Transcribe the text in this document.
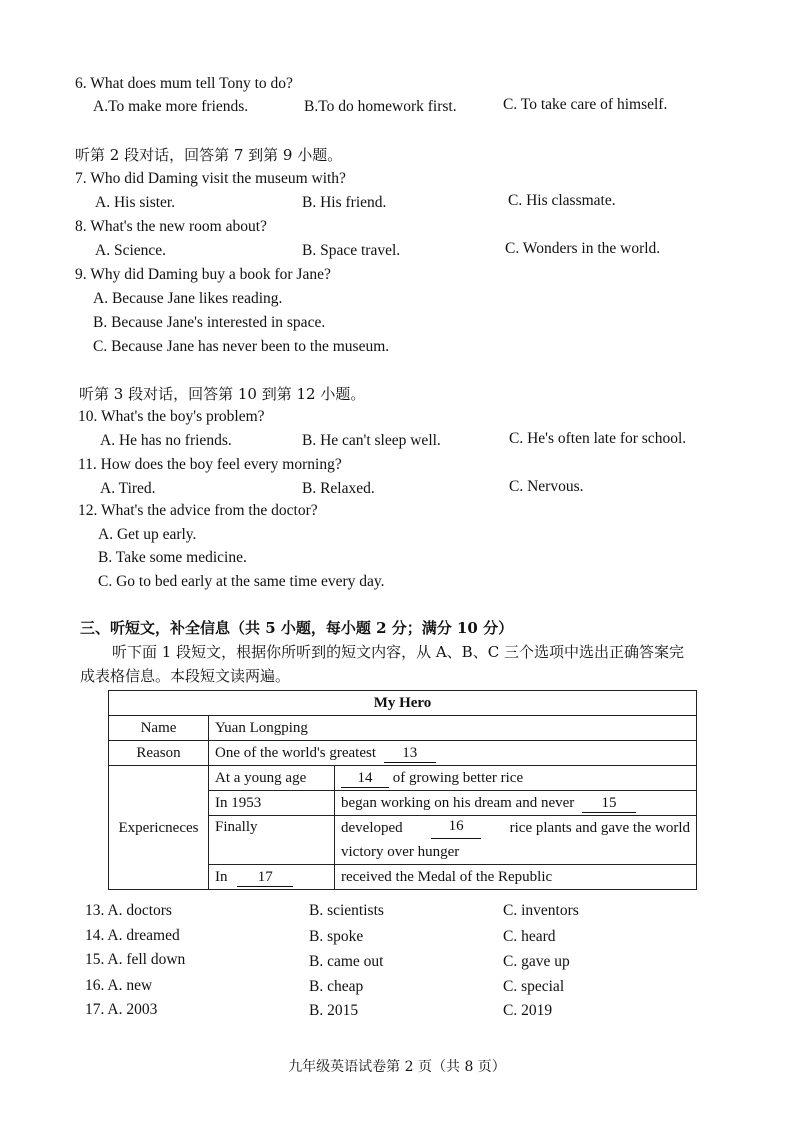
6. What does mum tell Tony to do?
A.To make more friends.	B.To do homework first.	C. To take care of himself.
听第 2 段对话，回答第 7 到第 9 小题。
7. Who did Daming visit the museum with?
A. His sister.	B. His friend.	C. His classmate.
8. What's the new room about?
A. Science.	B. Space travel.	C. Wonders in the world.
9. Why did Daming buy a book for Jane?
A. Because Jane likes reading.
B. Because Jane's interested in space.
C. Because Jane has never been to the museum.
听第 3 段对话，回答第 10 到第 12 小题。
10. What's the boy's problem?
A. He has no friends.	B. He can't sleep well.	C. He's often late for school.
11. How does the boy feel every morning?
A. Tired.	B. Relaxed.	C. Nervous.
12. What's the advice from the doctor?
A. Get up early.
B. Take some medicine.
C. Go to bed early at the same time every day.
三、听短文，补全信息（共 5 小题，每小题 2 分；满分 10 分）
听下面 1 段短文，根据你所听到的短文内容，从 A、B、C 三个选项中选出正确答案完
成表格信息。本段短文读两遍。
My Hero		
Name	Yuan Longping	
Reason	One of the world's greatest 13	
Expericneces	At a young age	14 of growing better rice
	In 1953	began working on his dream and never 15
	Finally	developed 16 rice plants and gave the world

		victory over hunger
	In 17	received the Medal of the Republic
13. A. doctors	B. scientists	C. inventors
14. A. dreamed	B. spoke	C. heard
15. A. fell down	B. came out	C. gave up
16. A. new	B. cheap	C. special
17. A. 2003	B. 2015	C. 2019
九年级英语试卷第 2 页（共 8 页）
